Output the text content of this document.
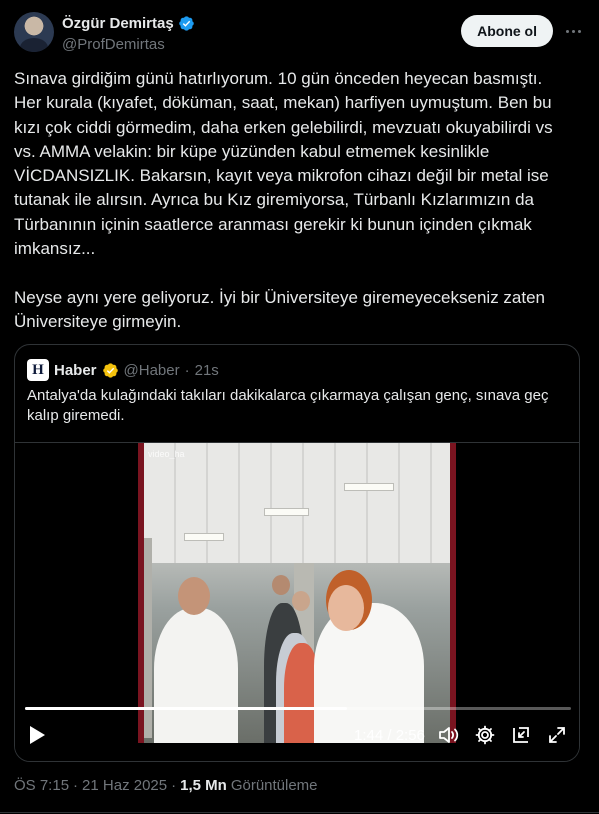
Özgür Demirtaş
@ProfDemirtas
Abone ol
Sınava girdiğim günü hatırlıyorum. 10 gün önceden heyecan basmıştı. Her kurala (kıyafet, döküman, saat, mekan) harfiyen uymuştum. Ben bu kızı çok ciddi görmedim, daha erken gelebilirdi, mevzuatı okuyabilirdi vs vs. AMMA velakin: bir küpe yüzünden kabul etmemek kesinlikle VİCDANSIZLIK. Bakarsın, kayıt veya mikrofon cihazı değil bir metal ise tutanak ile alırsın. Ayrıca bu Kız giremiyorsa, Türbanlı Kızlarımızın da Türbanının içinin saatlerce aranması gerekir ki bunun içinden çıkmak imkansız...

Neyse aynı yere geliyoruz. İyi bir Üniversiteye giremeyecekseniz zaten Üniversiteye girmeyin.
H Haber @Haber · 21s
Antalya'da kulağındaki takıları dakikalarca çıkarmaya çalışan genç, sınava geç kalıp giremedi.
video_ha
1:44 / 2:56
ÖS 7:15 · 21 Haz 2025 · 1,5 Mn Görüntüleme
